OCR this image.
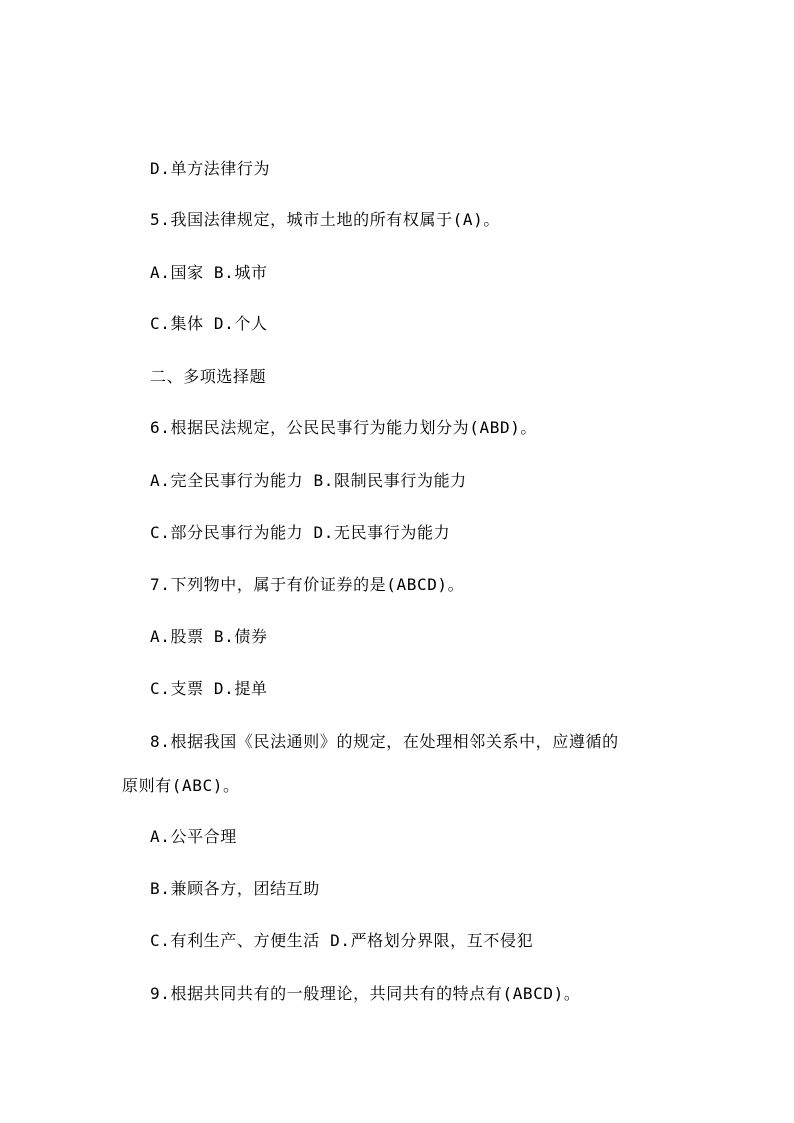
D.单方法律行为

5.我国法律规定，城市土地的所有权属于(A)。

A.国家 B.城市

C.集体 D.个人

二、多项选择题

6.根据民法规定，公民民事行为能力划分为(ABD)。

A.完全民事行为能力 B.限制民事行为能力

C.部分民事行为能力 D.无民事行为能力

7.下列物中，属于有价证券的是(ABCD)。

A.股票 B.债券

C.支票 D.提单

8.根据我国《民法通则》的规定，在处理相邻关系中，应遵循的

原则有(ABC)。

A.公平合理

B.兼顾各方，团结互助

C.有利生产、方便生活 D.严格划分界限，互不侵犯

9.根据共同共有的一般理论，共同共有的特点有(ABCD)。
